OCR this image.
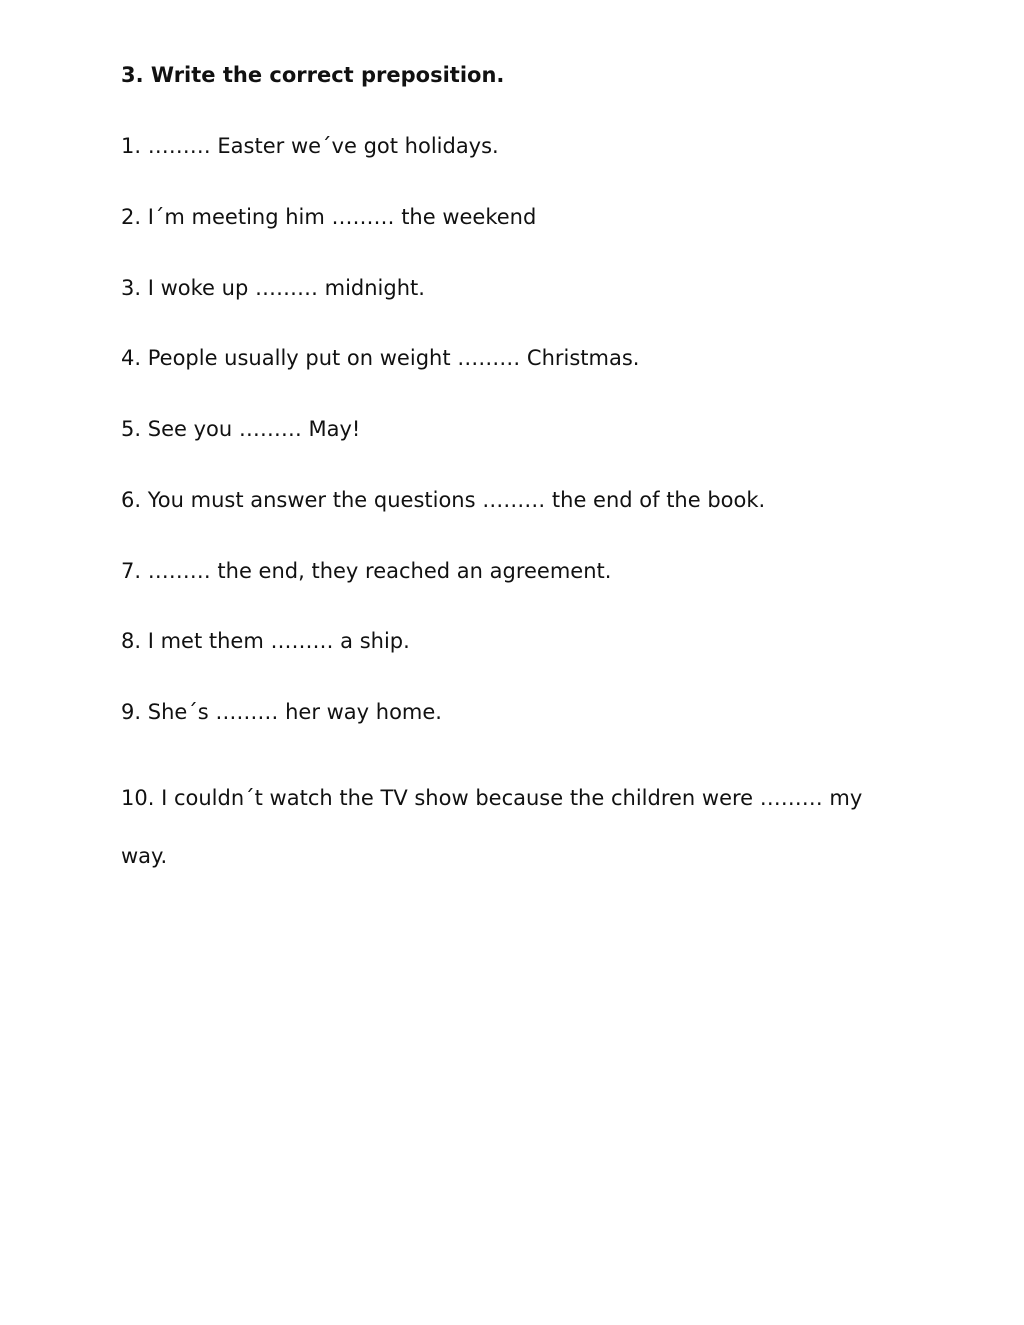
3. Write the correct preposition.
1. ……… Easter we´ve got holidays.
2. I´m meeting him ……… the weekend
3. I woke up ……… midnight.
4. People usually put on weight ……… Christmas.
5. See you ……… May!
6. You must answer the questions ……… the end of the book.
7. ……… the end, they reached an agreement.
8. I met them ……… a ship.
9. She´s ……… her way home.
10. I couldn´t watch the TV show because the children were ……… my way.
